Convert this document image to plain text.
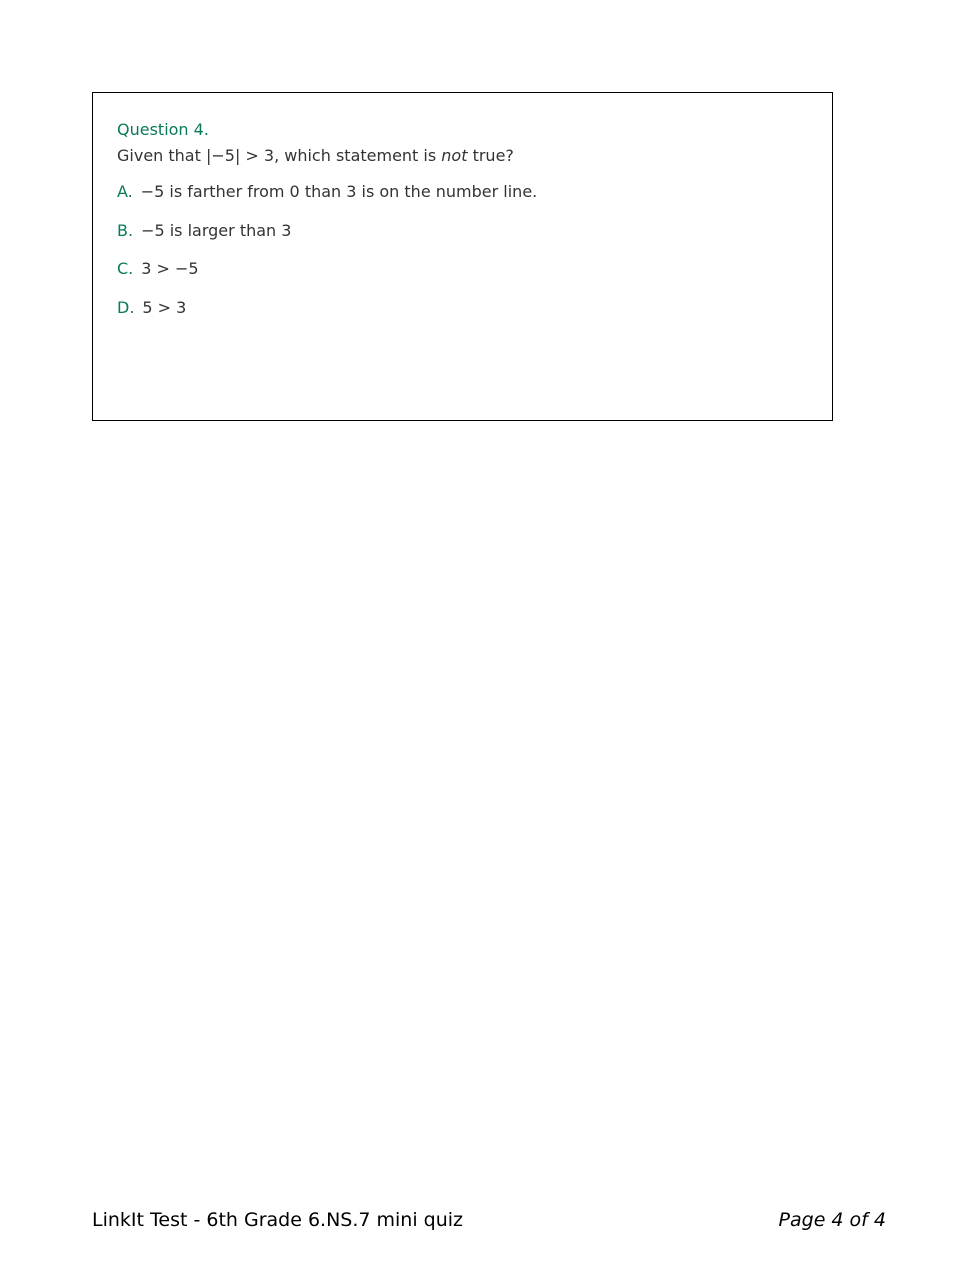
Question 4.
Given that |−5| > 3, which statement is not true?
A. −5 is farther from 0 than 3 is on the number line.
B. −5 is larger than 3
C. 3 > −5
D. 5 > 3
LinkIt Test - 6th Grade 6.NS.7 mini quiz	Page 4 of 4
